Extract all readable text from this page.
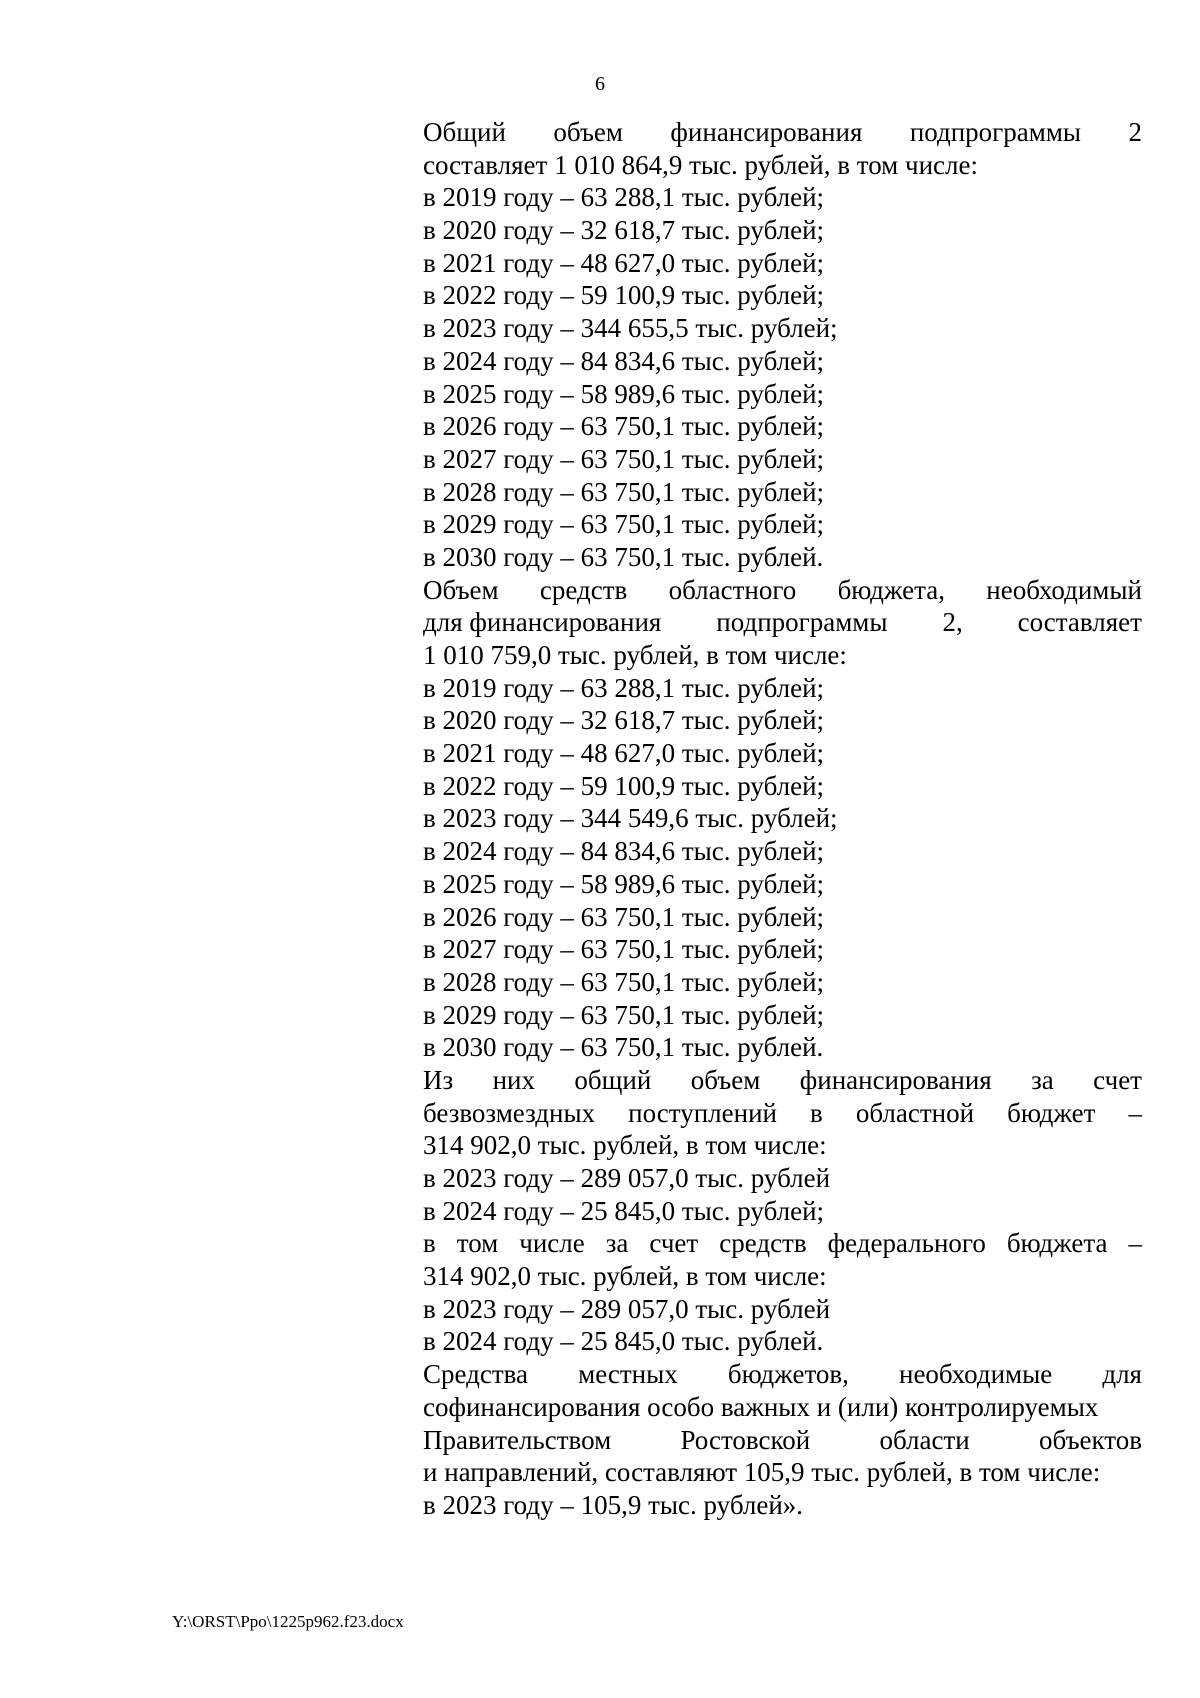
6
Общий объем финансирования подпрограммы 2
составляет 1 010 864,9 тыс. рублей, в том числе:
в 2019 году – 63 288,1 тыс. рублей;
в 2020 году – 32 618,7 тыс. рублей;
в 2021 году – 48 627,0 тыс. рублей;
в 2022 году – 59 100,9 тыс. рублей;
в 2023 году – 344 655,5 тыс. рублей;
в 2024 году – 84 834,6 тыс. рублей;
в 2025 году – 58 989,6 тыс. рублей;
в 2026 году – 63 750,1 тыс. рублей;
в 2027 году – 63 750,1 тыс. рублей;
в 2028 году – 63 750,1 тыс. рублей;
в 2029 году – 63 750,1 тыс. рублей;
в 2030 году – 63 750,1 тыс. рублей.
Объем средств областного бюджета, необходимый
для финансирования подпрограммы 2, составляет
1 010 759,0 тыс. рублей, в том числе:
в 2019 году – 63 288,1 тыс. рублей;
в 2020 году – 32 618,7 тыс. рублей;
в 2021 году – 48 627,0 тыс. рублей;
в 2022 году – 59 100,9 тыс. рублей;
в 2023 году – 344 549,6 тыс. рублей;
в 2024 году – 84 834,6 тыс. рублей;
в 2025 году – 58 989,6 тыс. рублей;
в 2026 году – 63 750,1 тыс. рублей;
в 2027 году – 63 750,1 тыс. рублей;
в 2028 году – 63 750,1 тыс. рублей;
в 2029 году – 63 750,1 тыс. рублей;
в 2030 году – 63 750,1 тыс. рублей.
Из них общий объем финансирования за счет
безвозмездных поступлений в областной бюджет –
314 902,0 тыс. рублей, в том числе:
в 2023 году – 289 057,0 тыс. рублей
в 2024 году – 25 845,0 тыс. рублей;
в том числе за счет средств федерального бюджета –
314 902,0 тыс. рублей, в том числе:
в 2023 году – 289 057,0 тыс. рублей
в 2024 году – 25 845,0 тыс. рублей.
Средства местных бюджетов, необходимые для
софинансирования особо важных и (или) контролируемых
Правительством	Ростовской	области	объектов
и направлений, составляют 105,9 тыс. рублей, в том числе:
в 2023 году – 105,9 тыс. рублей».
Y:\ORST\Ppo\1225p962.f23.docx
